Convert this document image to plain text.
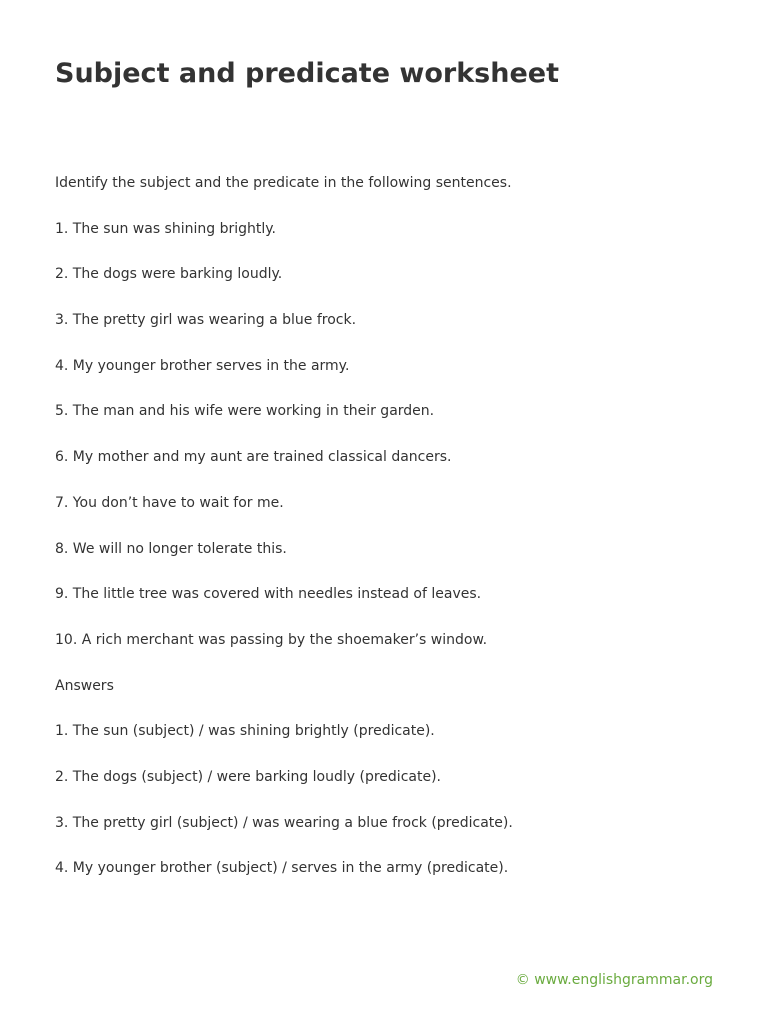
Subject and predicate worksheet

Identify the subject and the predicate in the following sentences.

1. The sun was shining brightly.

2. The dogs were barking loudly.

3. The pretty girl was wearing a blue frock.

4. My younger brother serves in the army.

5. The man and his wife were working in their garden.

6. My mother and my aunt are trained classical dancers.

7. You don’t have to wait for me.

8. We will no longer tolerate this.

9. The little tree was covered with needles instead of leaves.

10. A rich merchant was passing by the shoemaker’s window.

Answers

1. The sun (subject) / was shining brightly (predicate).

2. The dogs (subject) / were barking loudly (predicate).

3. The pretty girl (subject) / was wearing a blue frock (predicate).

4. My younger brother (subject) / serves in the army (predicate).

© www.englishgrammar.org
